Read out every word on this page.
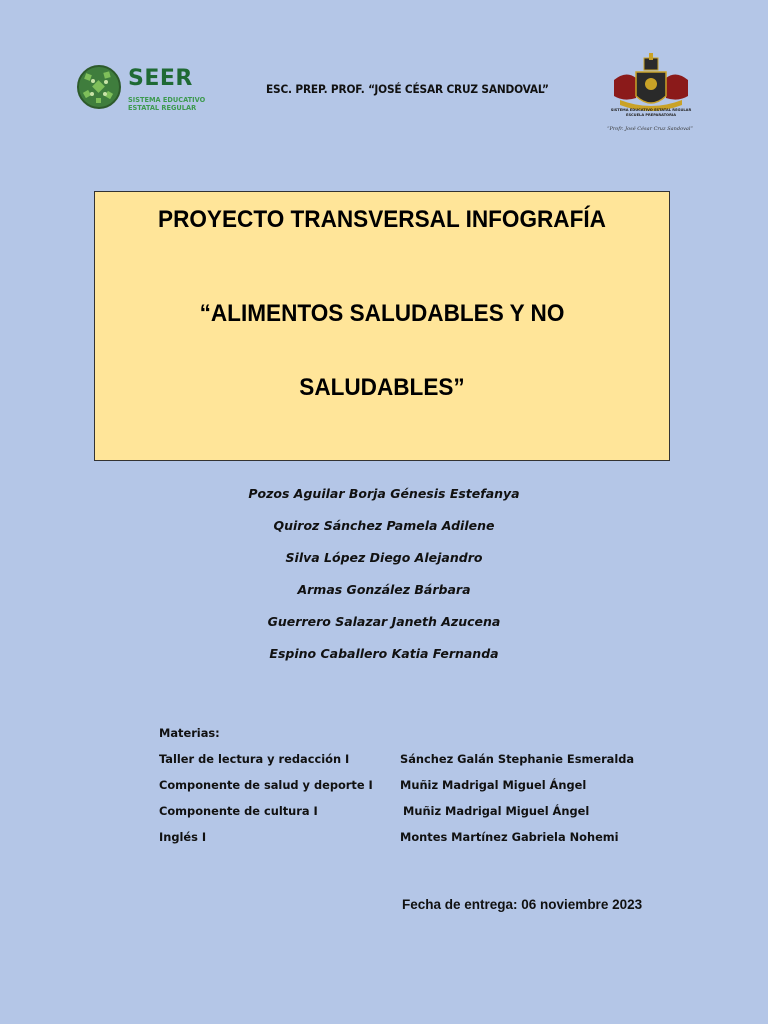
SEER
SISTEMA EDUCATIVO
ESTATAL REGULAR
ESC. PREP. PROF. “JOSÉ CÉSAR CRUZ SANDOVAL”
SISTEMA EDUCATIVO ESTATAL REGULAR
ESCUELA PREPARATORIA
“Profr. José César Cruz Sandoval”
PROYECTO TRANSVERSAL INFOGRAFÍA
“ALIMENTOS SALUDABLES Y NO
SALUDABLES”
Pozos Aguilar Borja Génesis Estefanya
Quiroz Sánchez Pamela Adilene
Silva López Diego Alejandro
Armas González Bárbara
Guerrero Salazar Janeth Azucena
Espino Caballero Katia Fernanda
Materias:
Taller de lectura y redacción I	Sánchez Galán Stephanie Esmeralda
Componente de salud y deporte I Muñiz Madrigal Miguel Ángel
Componente de cultura I	Muñiz Madrigal Miguel Ángel
Inglés I	Montes Martínez Gabriela Nohemi
Fecha de entrega: 06 noviembre 2023
